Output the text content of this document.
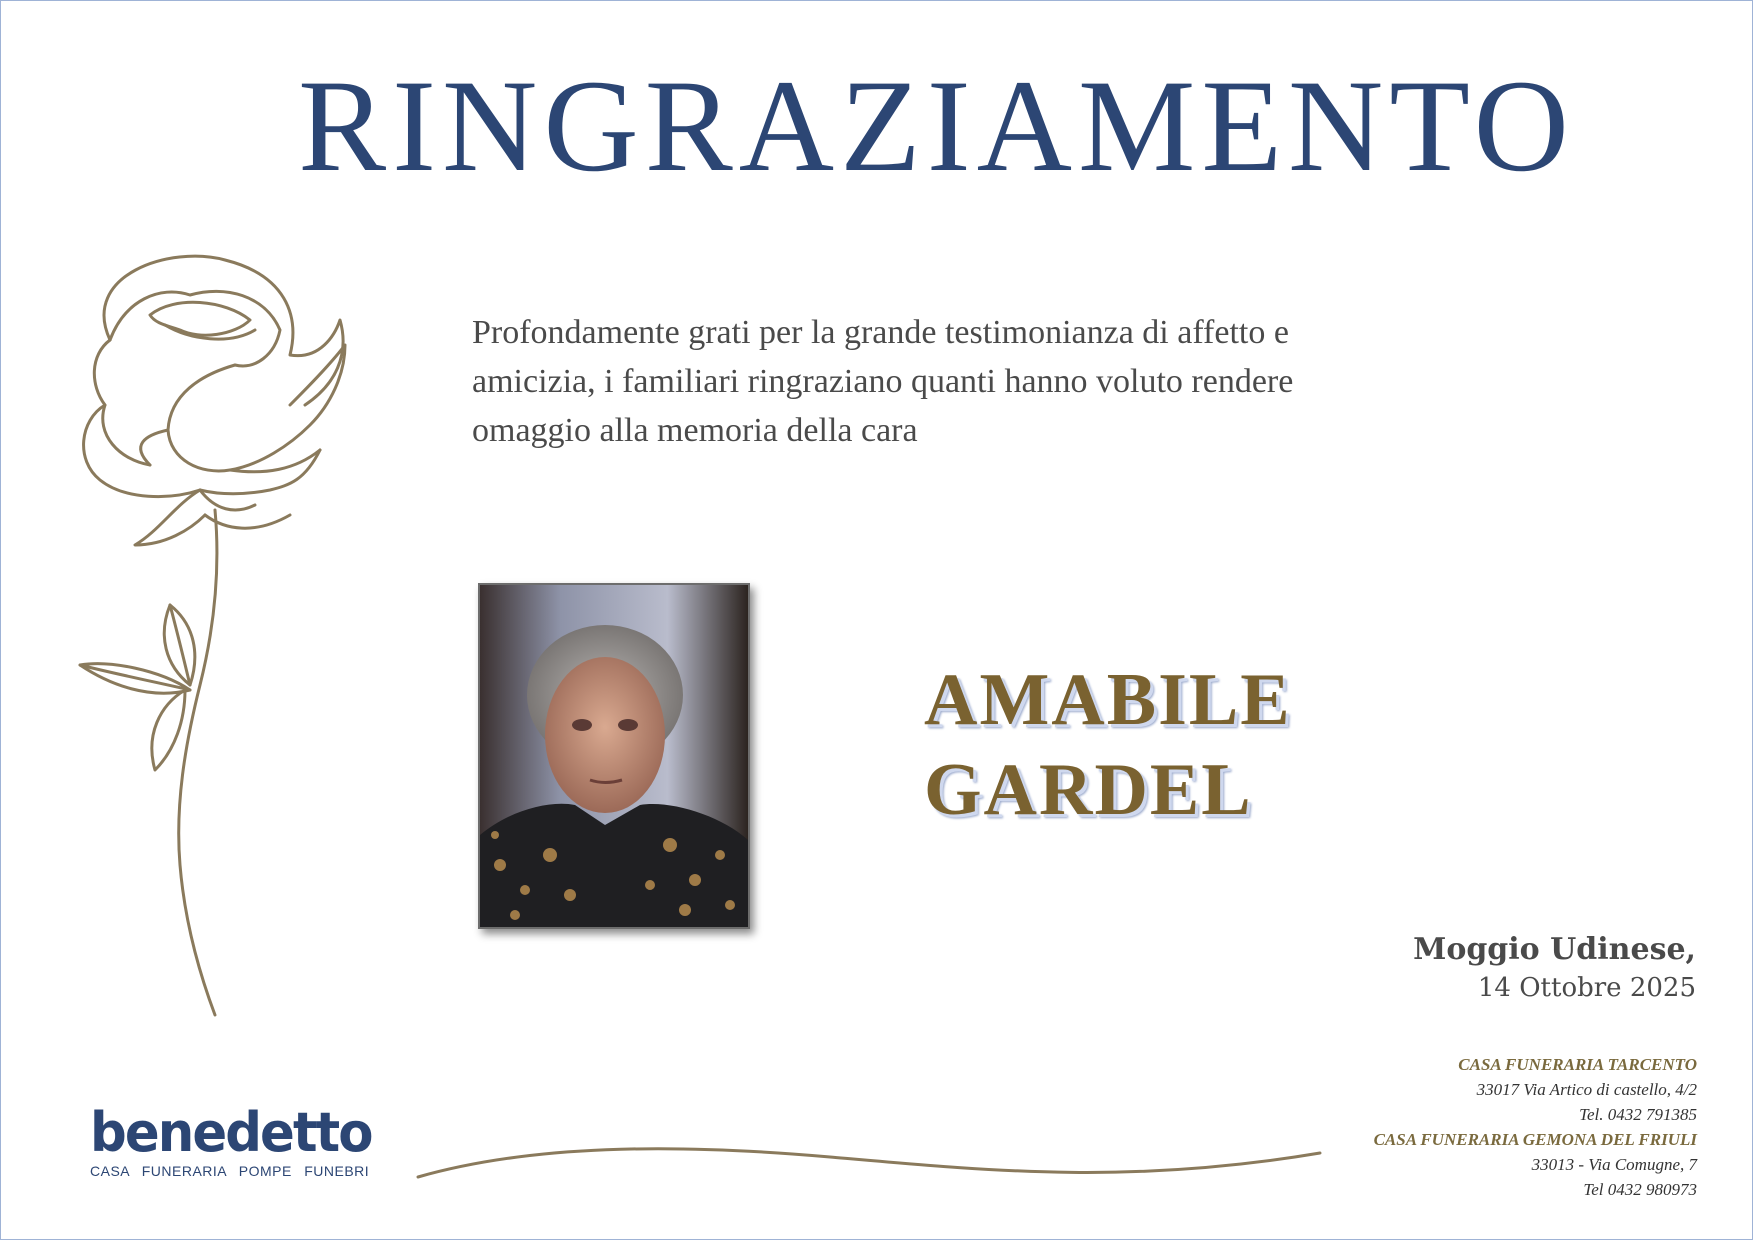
RINGRAZIAMENTO
Profondamente grati per la grande testimonianza di affetto e
amicizia, i familiari ringraziano quanti hanno voluto rendere
omaggio alla memoria della cara
AMABILE
GARDEL
Moggio Udinese,
14 Ottobre 2025
CASA FUNERARIA TARCENTO
33017 Via Artico di castello, 4/2
Tel. 0432 791385
CASA FUNERARIA GEMONA DEL FRIULI
33013 - Via Comugne, 7
Tel 0432 980973
benedetto
CASA FUNERARIA POMPE FUNEBRI
